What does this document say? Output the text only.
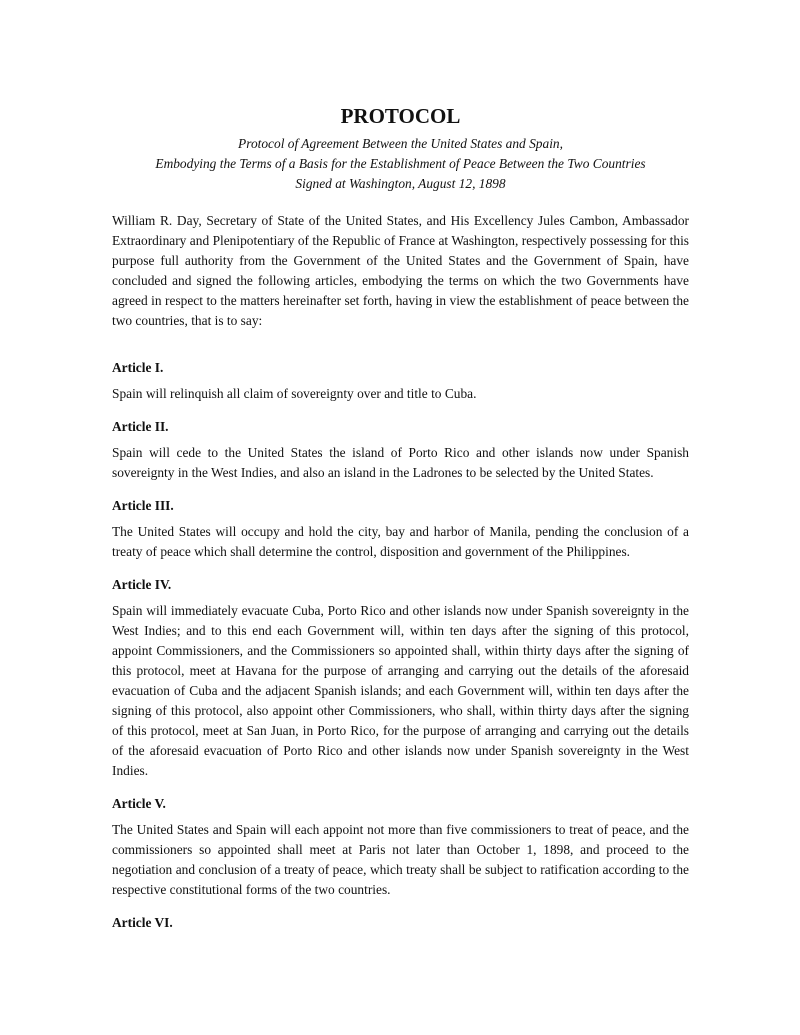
PROTOCOL
Protocol of Agreement Between the United States and Spain,
Embodying the Terms of a Basis for the Establishment of Peace Between the Two Countries
Signed at Washington, August 12, 1898

William R. Day, Secretary of State of the United States, and His Excellency Jules Cambon, Ambassador Extraordinary and Plenipotentiary of the Republic of France at Washington, respectively possessing for this purpose full authority from the Government of the United States and the Government of Spain, have concluded and signed the following articles, embodying the terms on which the two Governments have agreed in respect to the matters hereinafter set forth, having in view the establishment of peace between the two countries, that is to say:

Article I.

Spain will relinquish all claim of sovereignty over and title to Cuba.

Article II.

Spain will cede to the United States the island of Porto Rico and other islands now under Spanish sovereignty in the West Indies, and also an island in the Ladrones to be selected by the United States.

Article III.

The United States will occupy and hold the city, bay and harbor of Manila, pending the conclusion of a treaty of peace which shall determine the control, disposition and government of the Philippines.

Article IV.

Spain will immediately evacuate Cuba, Porto Rico and other islands now under Spanish sovereignty in the West Indies; and to this end each Government will, within ten days after the signing of this protocol, appoint Commissioners, and the Commissioners so appointed shall, within thirty days after the signing of this protocol, meet at Havana for the purpose of arranging and carrying out the details of the aforesaid evacuation of Cuba and the adjacent Spanish islands; and each Government will, within ten days after the signing of this protocol, also appoint other Commissioners, who shall, within thirty days after the signing of this protocol, meet at San Juan, in Porto Rico, for the purpose of arranging and carrying out the details of the aforesaid evacuation of Porto Rico and other islands now under Spanish sovereignty in the West Indies.

Article V.

The United States and Spain will each appoint not more than five commissioners to treat of peace, and the commissioners so appointed shall meet at Paris not later than October 1, 1898, and proceed to the negotiation and conclusion of a treaty of peace, which treaty shall be subject to ratification according to the respective constitutional forms of the two countries.

Article VI.
